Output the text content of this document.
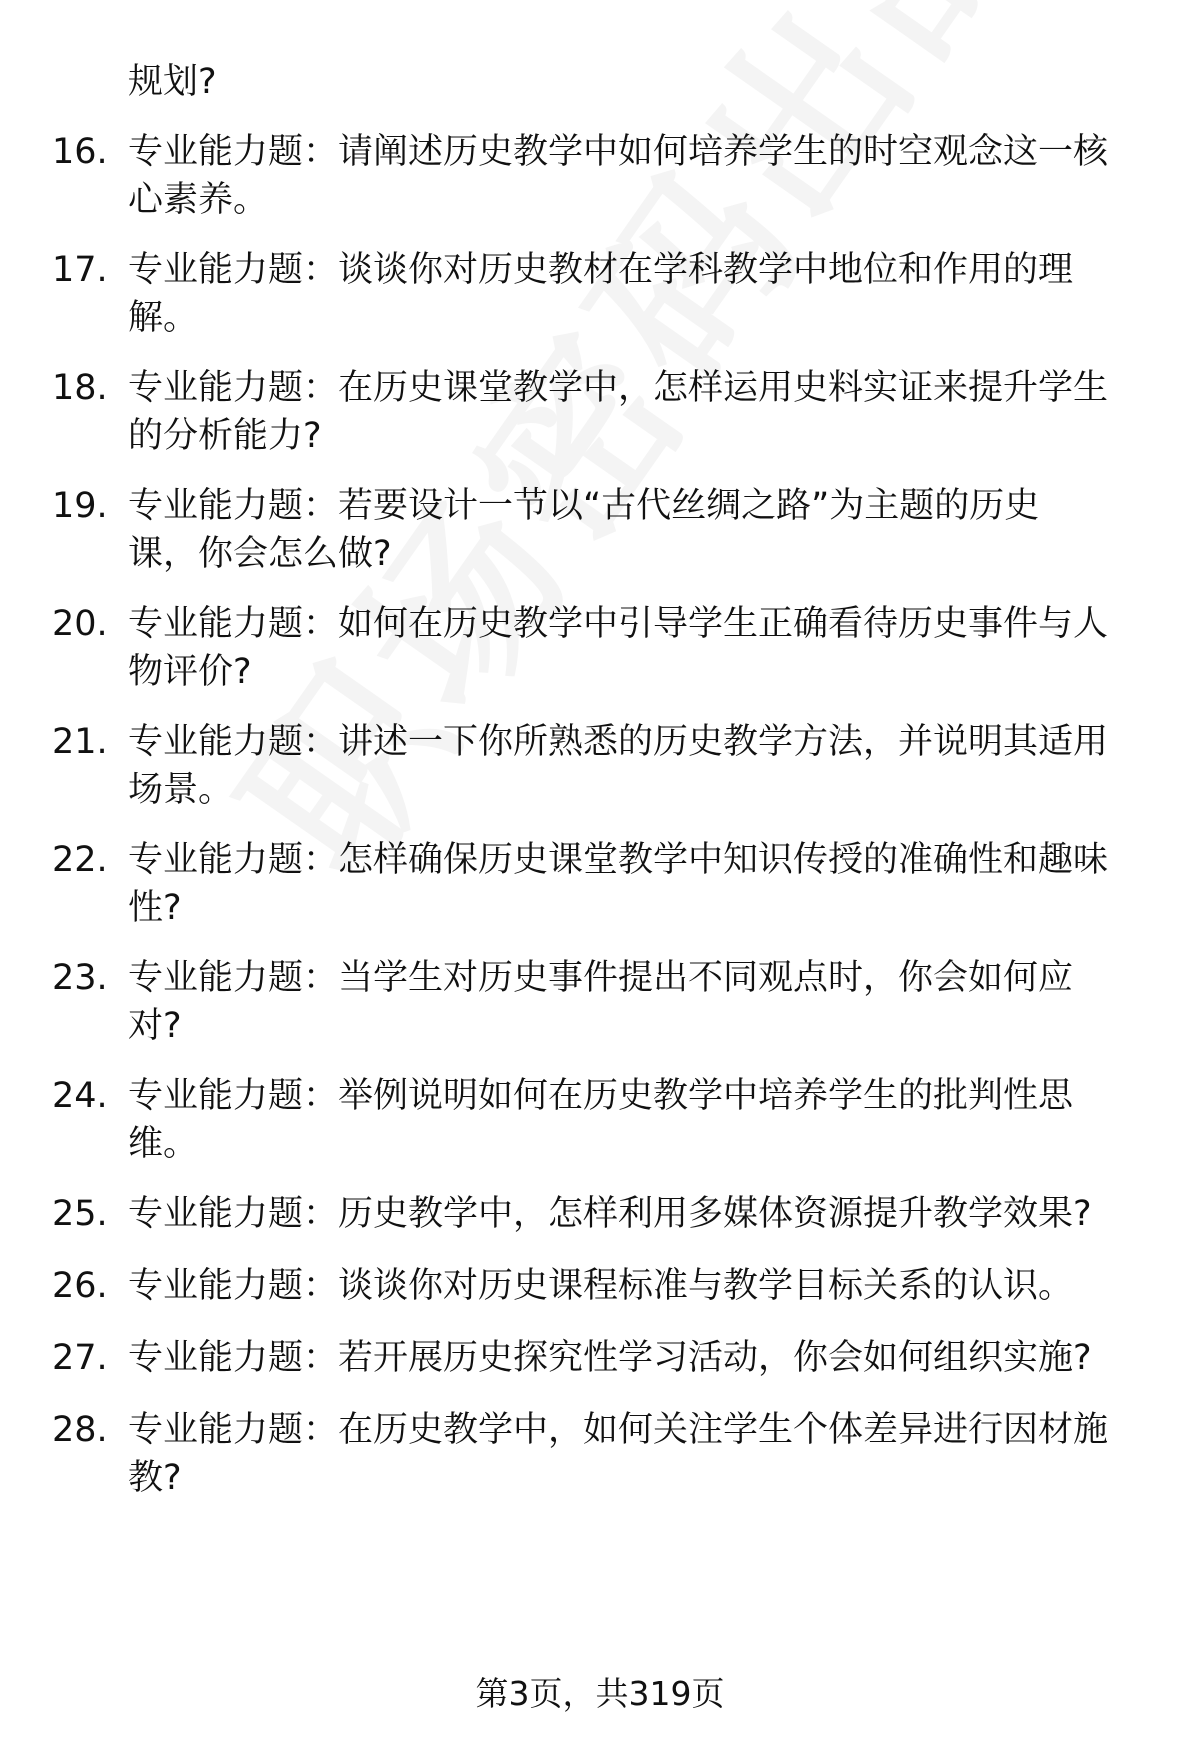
规划?
16. 专业能力题：请阐述历史教学中如何培养学生的时空观念这一核
心素养。
17. 专业能力题：谈谈你对历史教材在学科教学中地位和作用的理
解。
18. 专业能力题：在历史课堂教学中，怎样运用史料实证来提升学生
的分析能力?
19. 专业能力题：若要设计一节以“古代丝绸之路”为主题的历史
课，你会怎么做?
20. 专业能力题：如何在历史教学中引导学生正确看待历史事件与人
物评价?
21. 专业能力题：讲述一下你所熟悉的历史教学方法，并说明其适用
场景。
22. 专业能力题：怎样确保历史课堂教学中知识传授的准确性和趣味
性?
23. 专业能力题：当学生对历史事件提出不同观点时，你会如何应
对?
24. 专业能力题：举例说明如何在历史教学中培养学生的批判性思
维。
25. 专业能力题：历史教学中，怎样利用多媒体资源提升教学效果?
26. 专业能力题：谈谈你对历史课程标准与教学目标关系的认识。
27. 专业能力题：若开展历史探究性学习活动，你会如何组织实施?
28. 专业能力题：在历史教学中，如何关注学生个体差异进行因材施
教?
第3页，共319页
